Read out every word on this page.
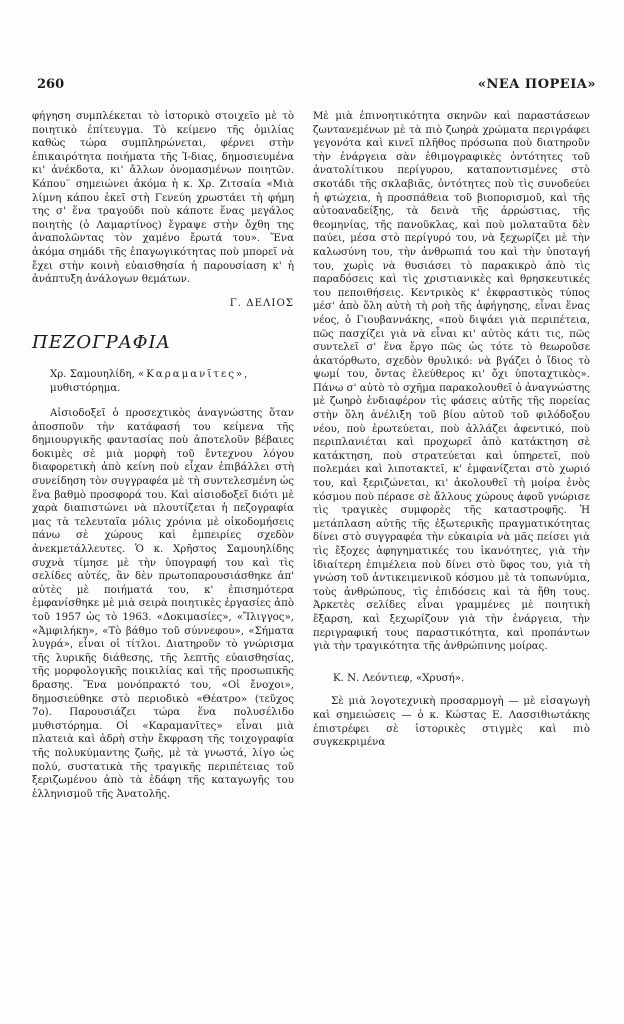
260	«ΝΕΑ ΠΟΡΕΙΑ»

φήγηση συμπλέκεται τὸ ἱστορικὸ στοιχεῖο μὲ τὸ ποιητικὸ ἐπίτευγμα. Τὸ κείμενο τῆς ὁμιλίας καθὼς τώρα συμπληρώνεται, φέρνει στὴν ἐπικαιρότητα ποιήματα τῆς Ἰ-διας, δημοσιευμένα κι' ἀνέκδοτα, κι' ἄλλων ὀνομασμένων ποιητῶν. Κάπου¨ σημειώνει ἀκόμα ἡ κ. Χρ. Ζιτσαία «Μιὰ λίμνη κάπου ἐκεῖ στὴ Γενεύη χρωστάει τὴ φήμη της σ' ἕνα τραγούδι ποὺ κάποτε ἕνας μεγάλος ποιητὴς (ὁ Λαμαρτίνος) ἔγραψε στὴν ὄχθη της ἀναπολῶντας τὸν χαμένο ἔρωτά του». Ἕνα ἀκόμα σημάδι τῆς ἐπαγωγικότητας ποὺ μπορεῖ νὰ ἔχει στὴν κοινὴ εὐαισθησία ἡ παρουσίαση κ' ἡ ἀνάπτυξη ἀνάλογων θεμάτων.

Γ. ΔΕΛΙΟΣ
ΠΕΖΟΓΡΑΦΙΑ
Χρ. Σαμουηλίδη, «Καραμανῖτες»,
μυθιστόρημα.

Αἰσιοδοξεῖ ὁ προσεχτικὸς ἀναγνώστης ὅταν ἀποσποῦν τὴν κατάφασή του κείμενα τῆς δημιουργικῆς φαντασίας ποὺ ἀποτελοῦν βέβαιες δοκιμὲς σὲ μιὰ μορφὴ τοῦ ἔντεχνου λόγου διαφορετικὴ ἀπὸ κείνη ποὺ εἶχαν ἐπιβάλλει στὴ συνείδηση τὸν συγγραφέα μὲ τὴ συντελεσμένη ὡς ἕνα βαθμὸ προσφορά του. Καὶ αἰσιοδοξεῖ διότι μὲ χαρὰ διαπιστώνει νὰ πλουτίζεται ἡ πεζογραφία μας τὰ τελευταῖα μόλις χρόνια μὲ οἰκοδομήσεις πάνω σὲ χώρους καὶ ἐμπειρίες σχεδὸν ἀνεκμετάλλευτες. Ὁ κ. Χρῆστος Σαμουηλίδης συχνὰ τίμησε μὲ τὴν ὑπογραφή του καὶ τὶς σελίδες αὐτές, ἂν δὲν πρωτοπαρουσιάσθηκε ἀπ' αὐτὲς μὲ ποιήματά του, κ' ἐπισημότερα ἐμφανίσθηκε μὲ μιὰ σειρὰ ποιητικὲς ἐργασίες ἀπὸ τοῦ 1957 ὡς τὸ 1963. «Δοκιμασίες», «Ἴλιγγος», «Ἀμφιλήκη», «Τὸ βάθμο τοῦ σύννεφου», «Σήματα λυγρά», εἶναι οἱ τίτλοι. Διατηροῦν τὸ γνώρισμα τῆς λυρικῆς διάθεσης, τῆς λεπτῆς εὐαισθησίας, τῆς μορφολογικῆς ποικιλίας καὶ τῆς προσωπικῆς δρασης. Ἕνα μονόπρακτό του, «Οἱ ἔνοχοι», δημοσιεύθηκε στὸ περιοδικὸ «Θέατρο» (τεῦχος 7ο). Παρουσιάζει τώρα ἕνα πολυσέλιδο μυθιστόρημα. Οἱ «Καραμανῖτες» εἶναι μιὰ πλατειὰ καὶ ἁδρὴ στὴν ἔκφραση τῆς τοιχογραφία τῆς πολυκύμαντης ζωῆς, μὲ τὰ γνωστά, λίγο ὡς πολύ, συστατικὰ τῆς τραγικῆς περιπέτειας τοῦ ξεριζωμένου ἀπὸ τὰ ἐδάφη τῆς καταγωγῆς του ἑλληνισμοῦ τῆς Ἀνατολῆς.

Μὲ μιὰ ἐπινοητικότητα σκηνῶν καὶ παραστάσεων ζωντανεμένων μὲ τὰ πιὸ ζωηρὰ χρώματα περιγράφει γεγονότα καὶ κινεῖ πλῆθος πρόσωπα ποὺ διατηροῦν τὴν ἐνάργεια σὰν ἐθιμογραφικὲς ὀντότητες τοῦ ἀνατολίτικου περίγυρου, καταποντισμένες στὸ σκοτάδι τῆς σκλαβιᾶς, ὀντότητες ποὺ τὶς συνοδεύει ἡ φτώχεια, ἡ προσπάθεια τοῦ βιοπορισμοῦ, καὶ τῆς αὐτοαναδείξης, τὰ δεινὰ τῆς ἀρρώστιας, τῆς θεομηνίας, τῆς πανοῦκλας, καὶ ποὺ μολαταῦτα δὲν παύει, μέσα στὸ περίγυρό του, νὰ ξεχωρίζει μὲ τὴν καλωσύνη του, τὴν ἀνθρωπιά του καὶ τὴν ὑποταγή του, χωρὶς νὰ θυσιάσει τὸ παρακικρὸ ἀπὸ τὶς παραδόσεις καὶ τὶς χριστιανικὲς καὶ θρησκευτικές του πεποιθήσεις. Κεντρικὸς κ' ἐκφραστικὸς τύπος μέσ' ἀπὸ ὅλη αὐτὴ τὴ ροὴ τῆς ἀφήγησης, εἶναι ἕνας νέος, ὁ Γιουβαννάκης, «ποὺ διψάει γιὰ περιπέτεια, πῶς πασχίζει γιὰ νὰ εἶναι κι' αὐτὸς κάτι τις, πῶς συντελεῖ σ' ἕνα ἔργο πῶς ὡς τότε τὸ θεωροῦσε ἀκατόρθωτο, σχεδὸν θρυλικό: νὰ βγάζει ὁ ἴδιος τὸ ψωμί του, ὄντας ἐλεύθερος κι' ὄχι ὑποταχτικὸς». Πάνω σ' αὐτὸ τὸ σχῆμα παρακολουθεῖ ὁ ἀναγνώστης μὲ ζωηρὸ ἐνδιαφέρον τὶς φάσεις αὐτῆς τῆς πορείας στὴν ὅλη ἀνέλιξη τοῦ βίου αὐτοῦ τοῦ φιλόδοξου νέου, ποὺ ἐρωτεύεται, ποὺ ἀλλάζει ἀφεντικό, ποὺ περιπλανιέται καὶ προχωρεῖ ἀπὸ κατάκτηση σὲ κατάκτηση, ποὺ στρατεύεται καὶ ὑπηρετεῖ, ποὺ πολεμάει καὶ λιποτακτεῖ, κ' ἐμφανίζεται στὸ χωριό του, καὶ ξεριζώνεται, κι' ἀκολουθεῖ τὴ μοίρα ἑνὸς κόσμου ποὺ πέρασε σὲ ἄλλους χώρους ἀφοῦ γνώρισε τὶς τραγικὲς συμφορὲς τῆς καταστροφῆς. Ἡ μετάπλαση αὐτῆς τῆς ἐξωτερικῆς πραγματικότητας δίνει στὸ συγγραφέα τὴν εὐκαιρία νὰ μᾶς πείσει γιὰ τὶς ἔξοχες ἀφηγηματικές του ἱκανότητες, γιὰ τὴν ἰδιαίτερη ἐπιμέλεια ποὺ δίνει στὸ ὕφος του, γιὰ τὴ γνώση τοῦ ἀντικειμενικοῦ κόσμου μὲ τὰ τοπωνύμια, τοὺς ἀνθρώπους, τὶς ἐπιδόσεις καὶ τὰ ἤθη τους. Ἀρκετὲς σελίδες εἶναι γραμμένες μὲ ποιητικὴ ἔξαρση, καὶ ξεχωρίζουν γιὰ τὴν ἐνάργεια, τὴν περιγραφική τους παραστικότητα, καὶ προπάντων γιὰ τὴν τραγικότητα τῆς ἀνθρώπινης μοίρας.

Κ. Ν. Λεόντιεφ, «Χρυσή».

Σὲ μιὰ λογοτεχνικὴ προσαρμογὴ — μὲ εἰσαγωγὴ καὶ σημειώσεις — ὁ κ. Κώστας Ε. Λασσιθιωτάκης ἐπιστρέφει σὲ ἱστορικὲς στιγμὲς καὶ πιὸ συγκεκριμένα
